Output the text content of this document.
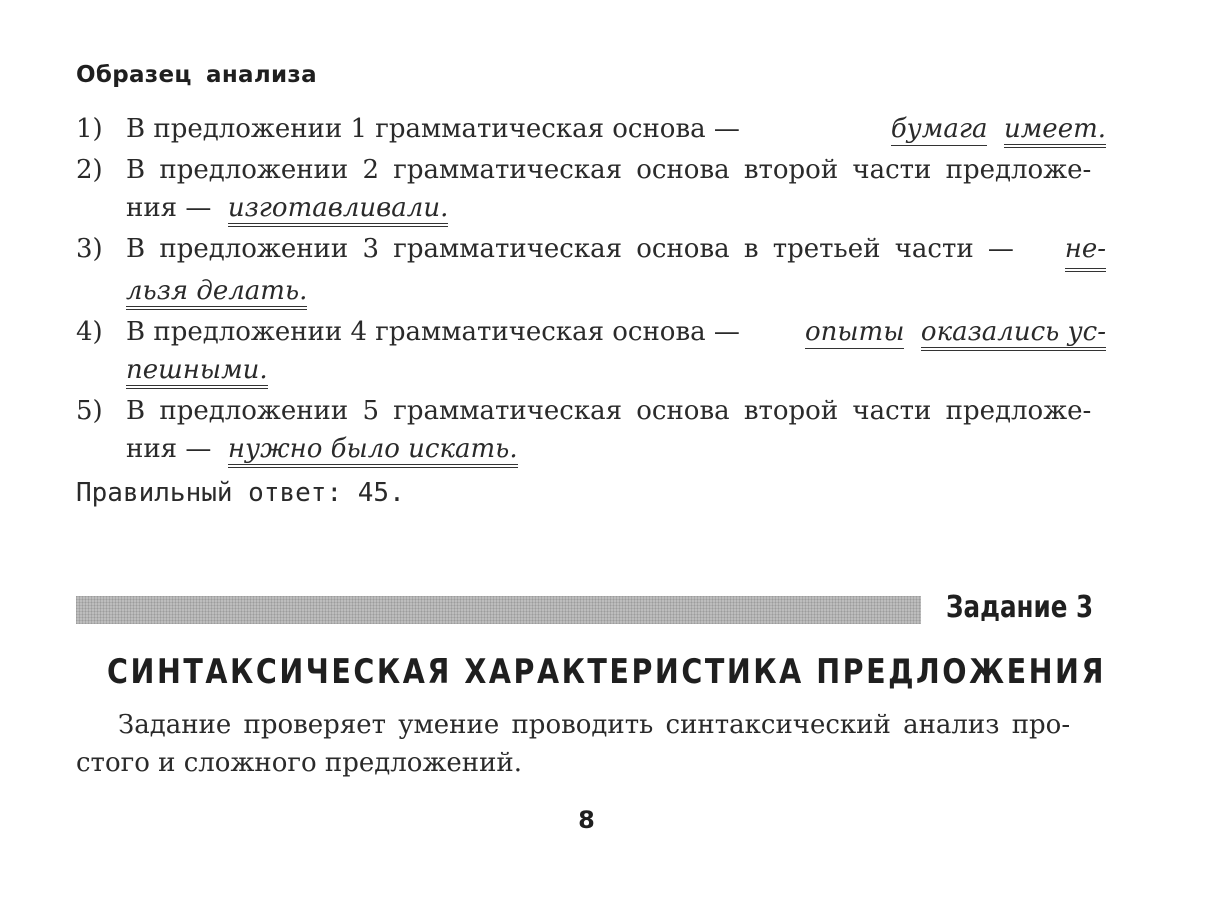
Образец анализа
1) В предложении 1 грамматическая основа —	бумага имеет.
2) В предложении 2 грамматическая основа второй части предложе-
ния — изготавливали.
3) В предложении 3 грамматическая основа в третьей части — не-
льзя делать.
4) В предложении 4 грамматическая основа —	опыты оказались ус-
пешными.
5) В предложении 5 грамматическая основа второй части предложе-
ния — нужно было искать.
Правильный ответ: 45.
Задание 3
СИНТАКСИЧЕСКАЯ ХАРАКТЕРИСТИКА ПРЕДЛОЖЕНИЯ
Задание проверяет умение проводить синтаксический анализ про-
стого и сложного предложений.
8
